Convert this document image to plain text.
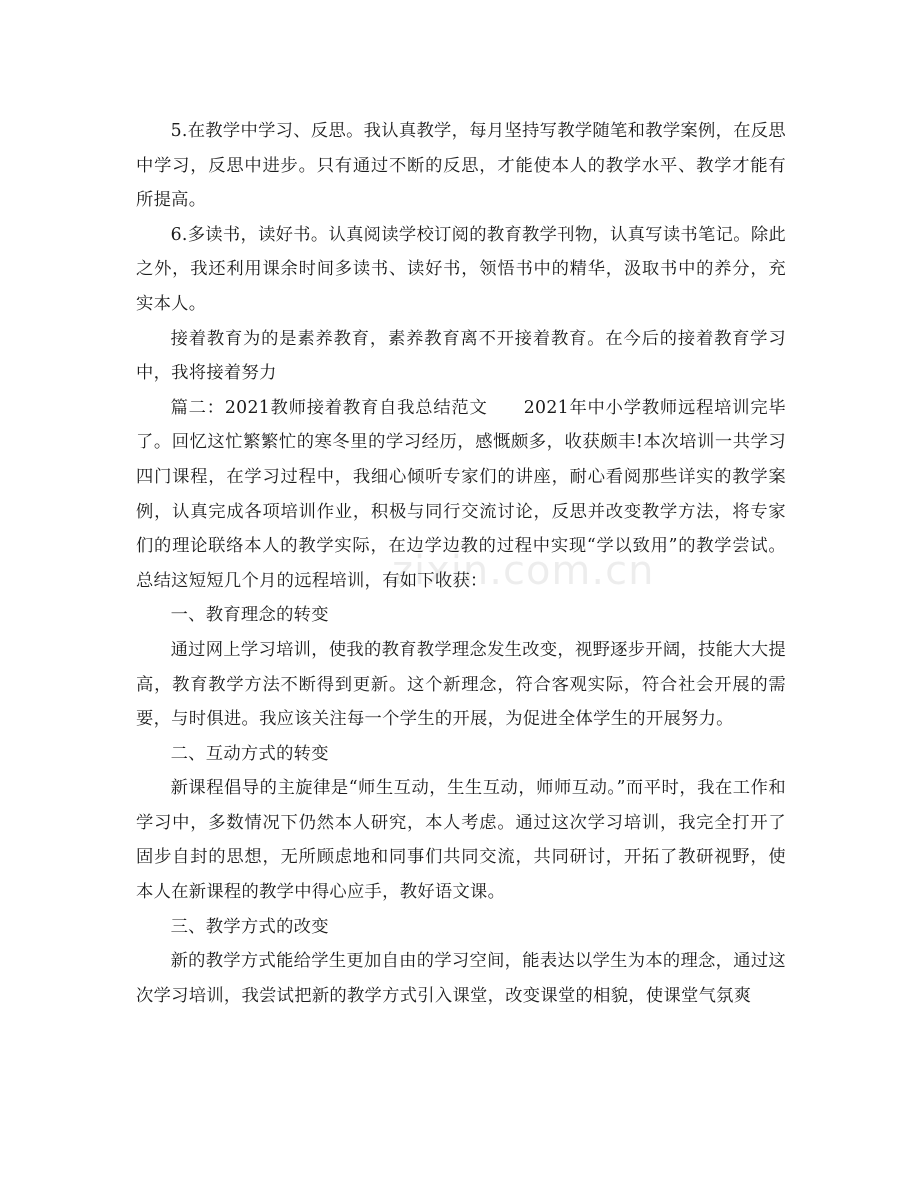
5.在教学中学习、反思。我认真教学，每月坚持写教学随笔和教学案例，在反思中学习，反思中进步。只有通过不断的反思，才能使本人的教学水平、教学才能有所提高。

6.多读书，读好书。认真阅读学校订阅的教育教学刊物，认真写读书笔记。除此之外，我还利用课余时间多读书、读好书，领悟书中的精华，汲取书中的养分，充实本人。

接着教育为的是素养教育，素养教育离不开接着教育。在今后的接着教育学习中，我将接着努力

篇二：2021教师接着教育自我总结范文　　2021年中小学教师远程培训完毕了。回忆这忙繁繁忙的寒冬里的学习经历，感慨颇多，收获颇丰!本次培训一共学习四门课程，在学习过程中，我细心倾听专家们的讲座，耐心看阅那些详实的教学案例，认真完成各项培训作业，积极与同行交流讨论，反思并改变教学方法，将专家们的理论联络本人的教学实际，在边学边教的过程中实现“学以致用”的教学尝试。总结这短短几个月的远程培训，有如下收获：

一、教育理念的转变

通过网上学习培训，使我的教育教学理念发生改变，视野逐步开阔，技能大大提高，教育教学方法不断得到更新。这个新理念，符合客观实际，符合社会开展的需要，与时俱进。我应该关注每一个学生的开展，为促进全体学生的开展努力。

二、互动方式的转变

新课程倡导的主旋律是“师生互动，生生互动，师师互动。”而平时，我在工作和学习中，多数情况下仍然本人研究，本人考虑。通过这次学习培训，我完全打开了固步自封的思想，无所顾虑地和同事们共同交流，共同研讨，开拓了教研视野，使本人在新课程的教学中得心应手，教好语文课。

三、教学方式的改变

新的教学方式能给学生更加自由的学习空间，能表达以学生为本的理念，通过这次学习培训，我尝试把新的教学方式引入课堂，改变课堂的相貌，使课堂气氛爽

zixin.com.cn
